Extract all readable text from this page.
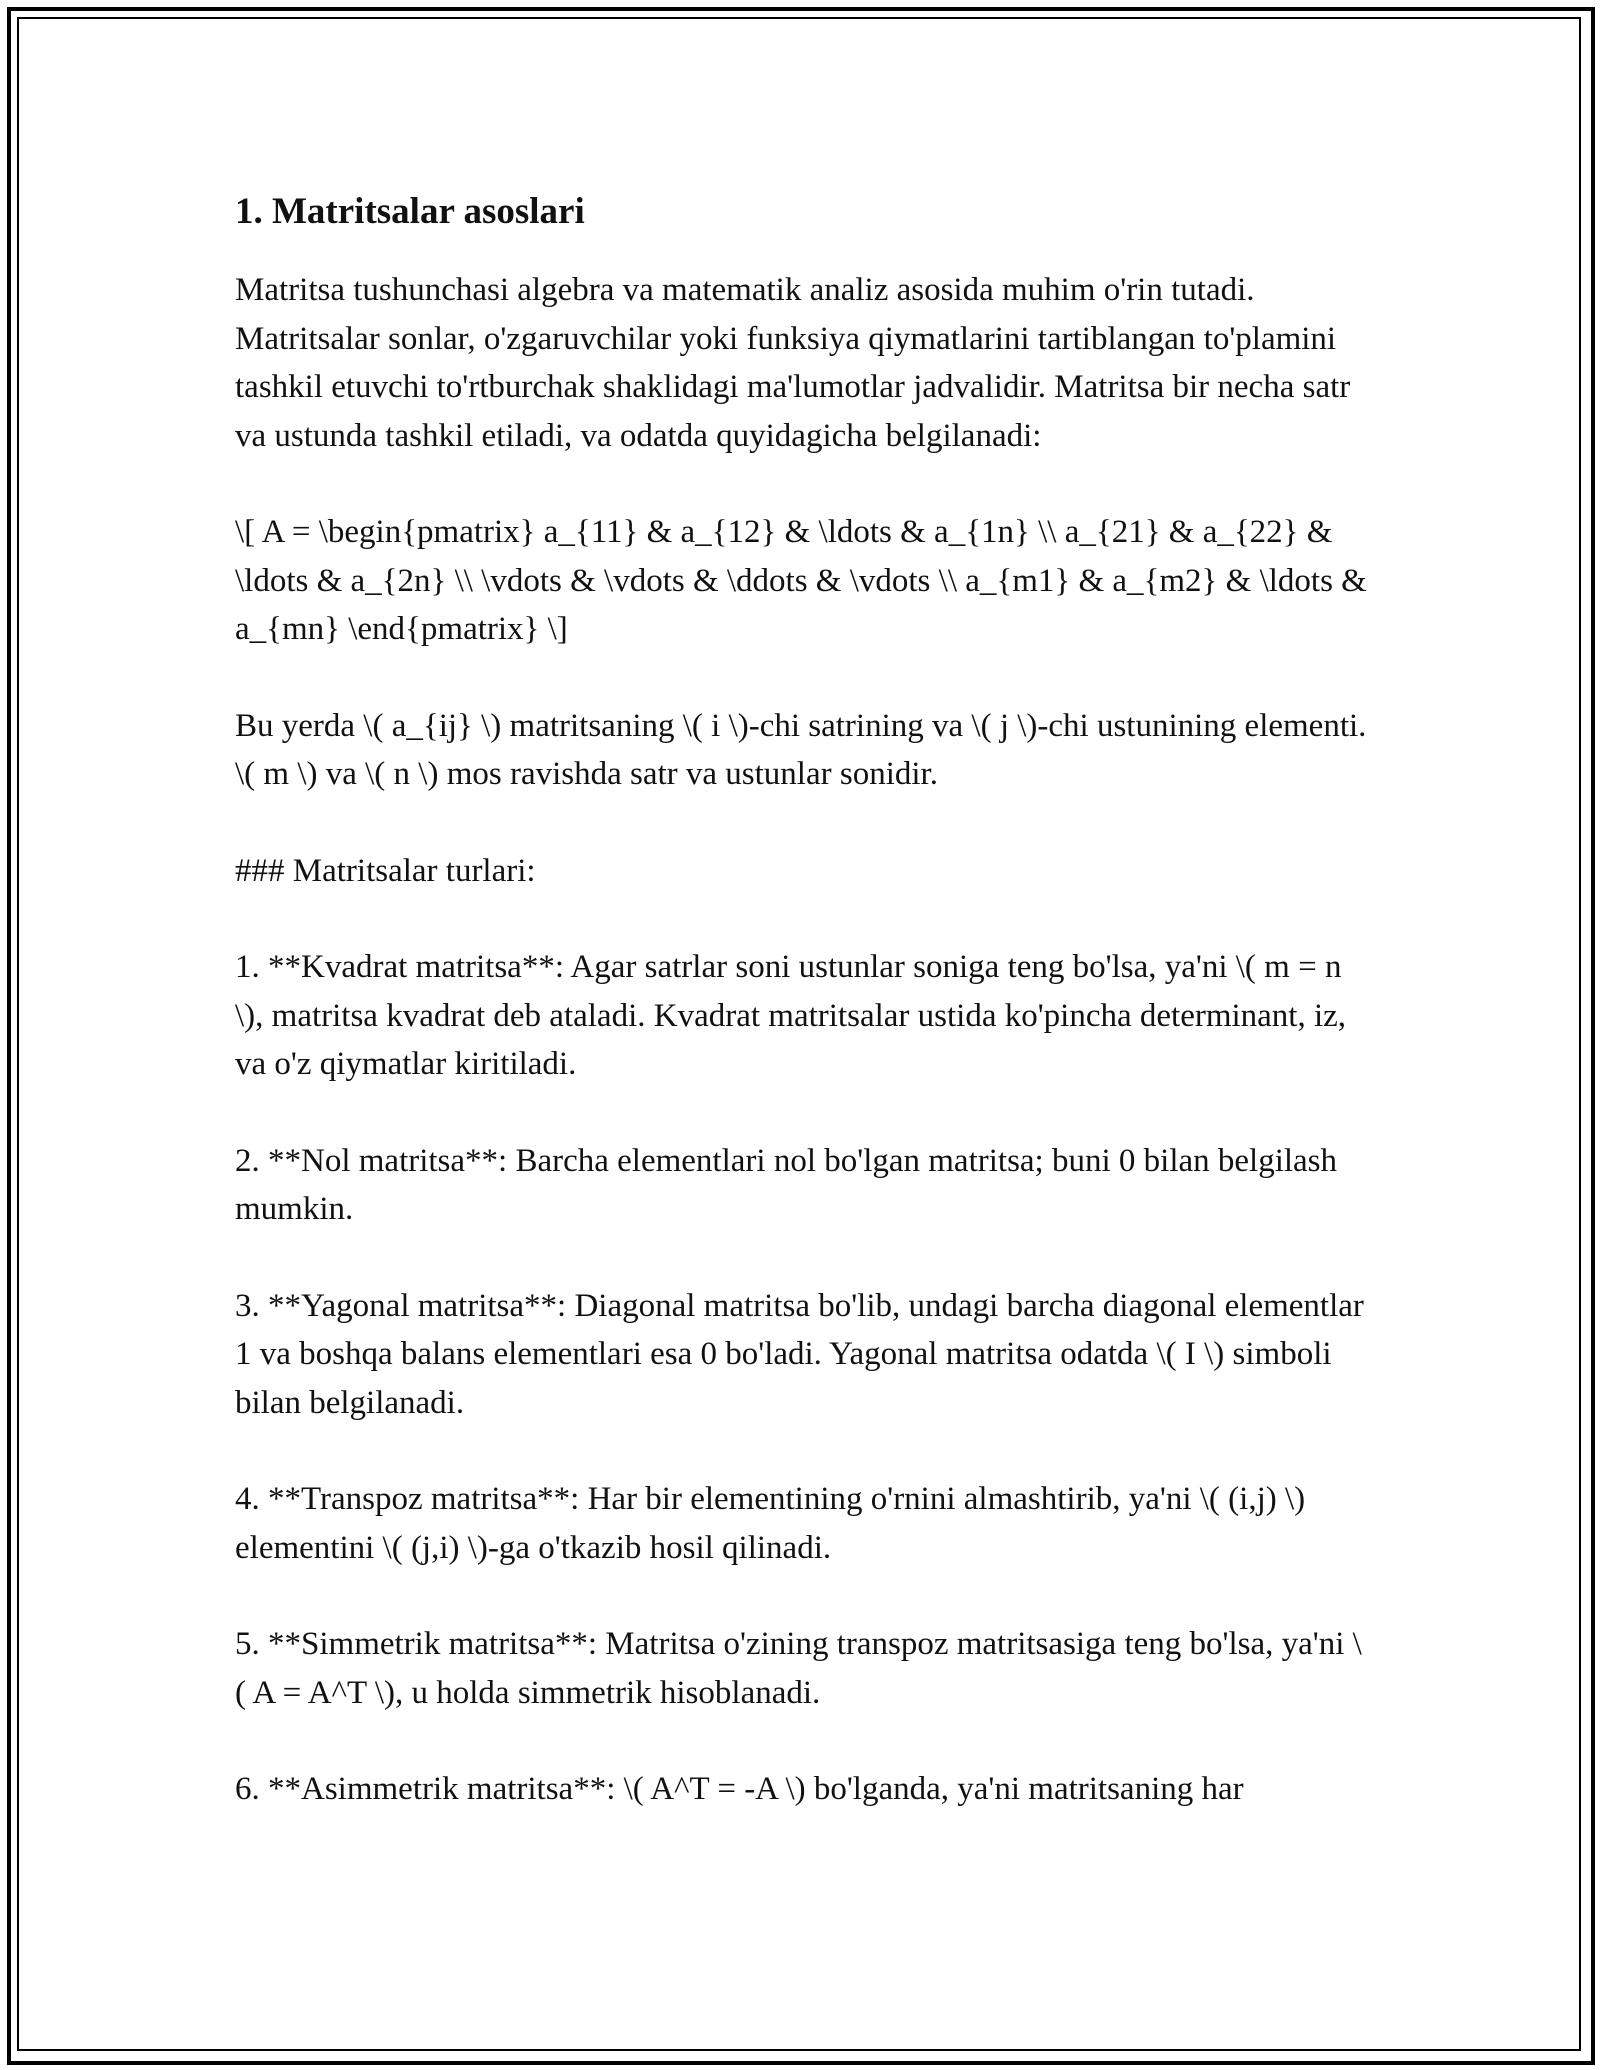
1. Matritsalar asoslari

Matritsa tushunchasi algebra va matematik analiz asosida muhim o'rin tutadi. Matritsalar sonlar, o'zgaruvchilar yoki funksiya qiymatlarini tartiblangan to'plamini tashkil etuvchi to'rtburchak shaklidagi ma'lumotlar jadvalidir. Matritsa bir necha satr va ustunda tashkil etiladi, va odatda quyidagicha belgilanadi:

\[ A = \begin{pmatrix} a_{11} & a_{12} & \ldots & a_{1n} \\ a_{21} & a_{22} & \ldots & a_{2n} \\ \vdots & \vdots & \ddots & \vdots \\ a_{m1} & a_{m2} & \ldots & a_{mn} \end{pmatrix} \]

Bu yerda \( a_{ij} \) matritsaning \( i \)-chi satrining va \( j \)-chi ustunining elementi. \( m \) va \( n \) mos ravishda satr va ustunlar sonidir.

### Matritsalar turlari:

1. **Kvadrat matritsa**: Agar satrlar soni ustunlar soniga teng bo'lsa, ya'ni \( m = n \), matritsa kvadrat deb ataladi. Kvadrat matritsalar ustida ko'pincha determinant, iz, va o'z qiymatlar kiritiladi.

2. **Nol matritsa**: Barcha elementlari nol bo'lgan matritsa; buni 0 bilan belgilash mumkin.

3. **Yagonal matritsa**: Diagonal matritsa bo'lib, undagi barcha diagonal elementlar 1 va boshqa balans elementlari esa 0 bo'ladi. Yagonal matritsa odatda \( I \) simboli bilan belgilanadi.

4. **Transpoz matritsa**: Har bir elementining o'rnini almashtirib, ya'ni \( (i,j) \) elementini \( (j,i) \)-ga o'tkazib hosil qilinadi.

5. **Simmetrik matritsa**: Matritsa o'zining transpoz matritsasiga teng bo'lsa, ya'ni \( A = A^T \), u holda simmetrik hisoblanadi.

6. **Asimmetrik matritsa**: \( A^T = -A \) bo'lganda, ya'ni matritsaning har
